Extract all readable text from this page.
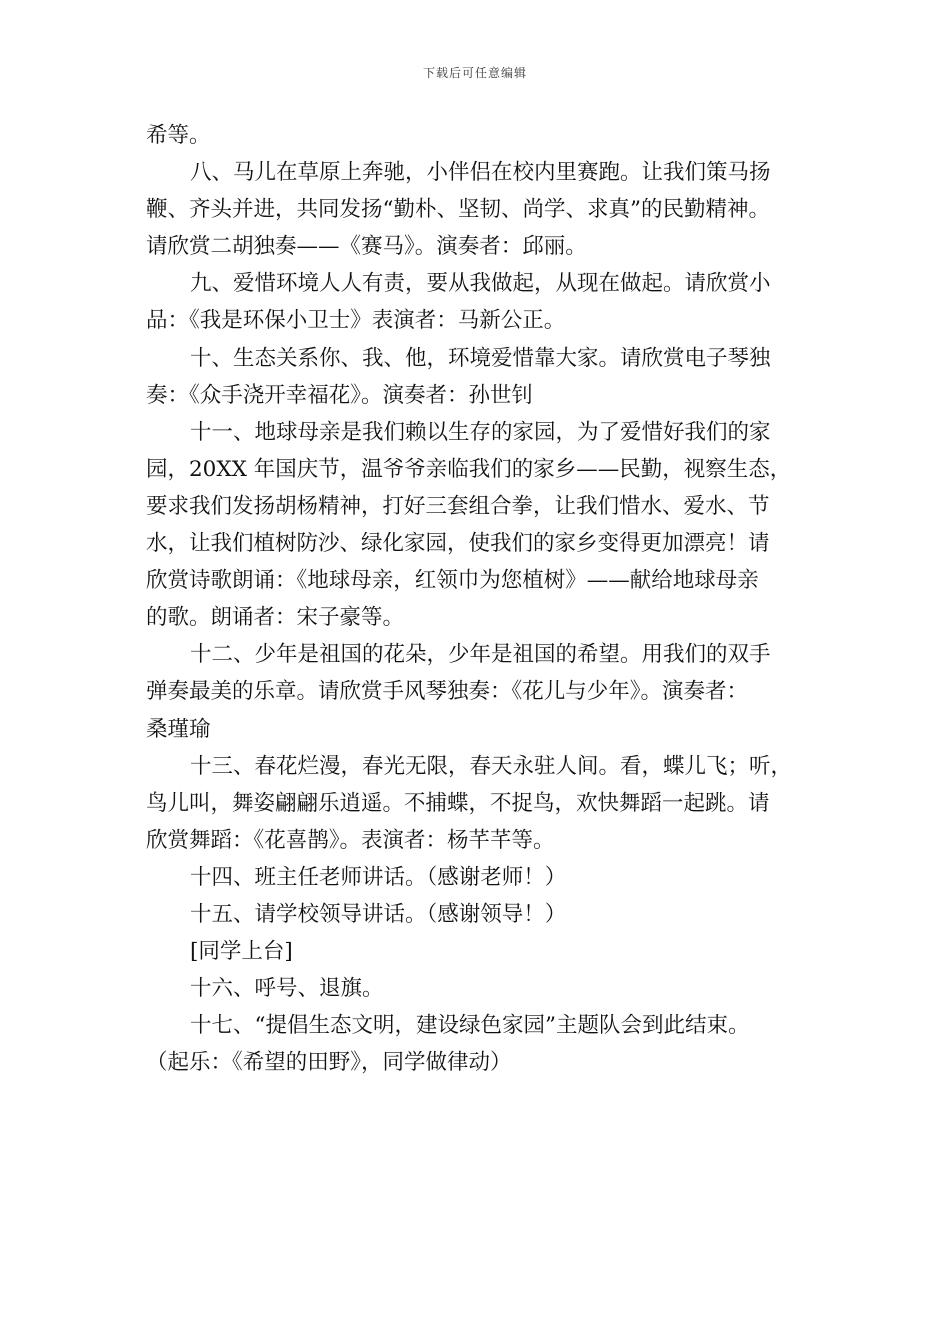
下载后可任意编辑
希等。
八、马儿在草原上奔驰，小伴侣在校内里赛跑。让我们策马扬
鞭、齐头并进，共同发扬“勤朴、坚韧、尚学、求真”的民勤精神。
请欣赏二胡独奏——《赛马》。演奏者：邱丽。
九、爱惜环境人人有责，要从我做起，从现在做起。请欣赏小
品：《我是环保小卫士》表演者：马新公正。
十、生态关系你、我、他，环境爱惜靠大家。请欣赏电子琴独
奏：《众手浇开幸福花》。演奏者：孙世钊
十一、地球母亲是我们赖以生存的家园，为了爱惜好我们的家
园，20XX 年国庆节，温爷爷亲临我们的家乡——民勤，视察生态，
要求我们发扬胡杨精神，打好三套组合拳，让我们惜水、爱水、节
水，让我们植树防沙、绿化家园，使我们的家乡变得更加漂亮！请
欣赏诗歌朗诵：《地球母亲，红领巾为您植树》——献给地球母亲
的歌。朗诵者：宋子豪等。
十二、少年是祖国的花朵，少年是祖国的希望。用我们的双手
弹奏最美的乐章。请欣赏手风琴独奏：《花儿与少年》。演奏者：
桑瑾瑜
十三、春花烂漫，春光无限，春天永驻人间。看，蝶儿飞；听，
鸟儿叫，舞姿翩翩乐逍遥。不捕蝶，不捉鸟，欢快舞蹈一起跳。请
欣赏舞蹈：《花喜鹊》。表演者：杨芊芊等。
十四、班主任老师讲话。（感谢老师！）
十五、请学校领导讲话。（感谢领导！）
[同学上台]
十六、呼号、退旗。
十七、“提倡生态文明，建设绿色家园”主题队会到此结束。
（起乐：《希望的田野》，同学做律动）
